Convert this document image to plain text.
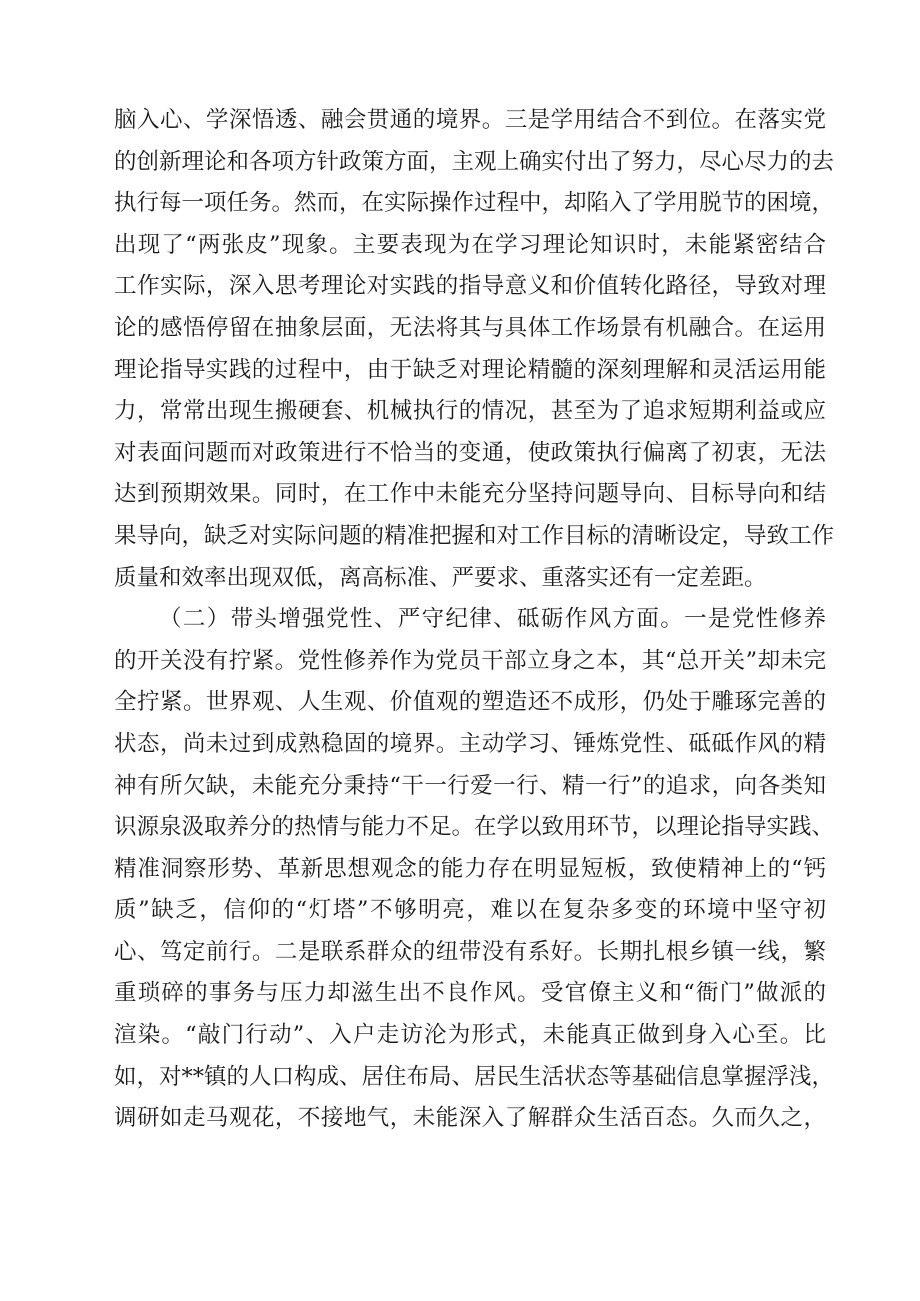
脑入心、学深悟透、融会贯通的境界。三是学用结合不到位。在落实党
的创新理论和各项方针政策方面，主观上确实付出了努力，尽心尽力的去
执行每一项任务。然而，在实际操作过程中，却陷入了学用脱节的困境，
出现了“两张皮”现象。主要表现为在学习理论知识时，未能紧密结合
工作实际，深入思考理论对实践的指导意义和价值转化路径，导致对理
论的感悟停留在抽象层面，无法将其与具体工作场景有机融合。在运用
理论指导实践的过程中，由于缺乏对理论精髓的深刻理解和灵活运用能
力，常常出现生搬硬套、机械执行的情况，甚至为了追求短期利益或应
对表面问题而对政策进行不恰当的变通，使政策执行偏离了初衷，无法
达到预期效果。同时，在工作中未能充分坚持问题导向、目标导向和结
果导向，缺乏对实际问题的精准把握和对工作目标的清晰设定，导致工作
质量和效率出现双低，离高标准、严要求、重落实还有一定差距。
（二）带头增强党性、严守纪律、砥砺作风方面。一是党性修养
的开关没有拧紧。党性修养作为党员干部立身之本，其“总开关”却未完
全拧紧。世界观、人生观、价值观的塑造还不成形，仍处于雕琢完善的
状态，尚未过到成熟稳固的境界。主动学习、锤炼党性、砥砥作风的精
神有所欠缺，未能充分秉持“干一行爱一行、精一行”的追求，向各类知
识源泉汲取养分的热情与能力不足。在学以致用环节，以理论指导实践、
精准洞察形势、革新思想观念的能力存在明显短板，致使精神上的“钙
质”缺乏，信仰的“灯塔”不够明亮，难以在复杂多变的环境中坚守初
心、笃定前行。二是联系群众的纽带没有系好。长期扎根乡镇一线，繁
重琐碎的事务与压力却滋生出不良作风。受官僚主义和“衙门”做派的
渲染。“敲门行动”、入户走访沦为形式，未能真正做到身入心至。比
如，对**镇的人口构成、居住布局、居民生活状态等基础信息掌握浮浅，
调研如走马观花，不接地气，未能深入了解群众生活百态。久而久之，
